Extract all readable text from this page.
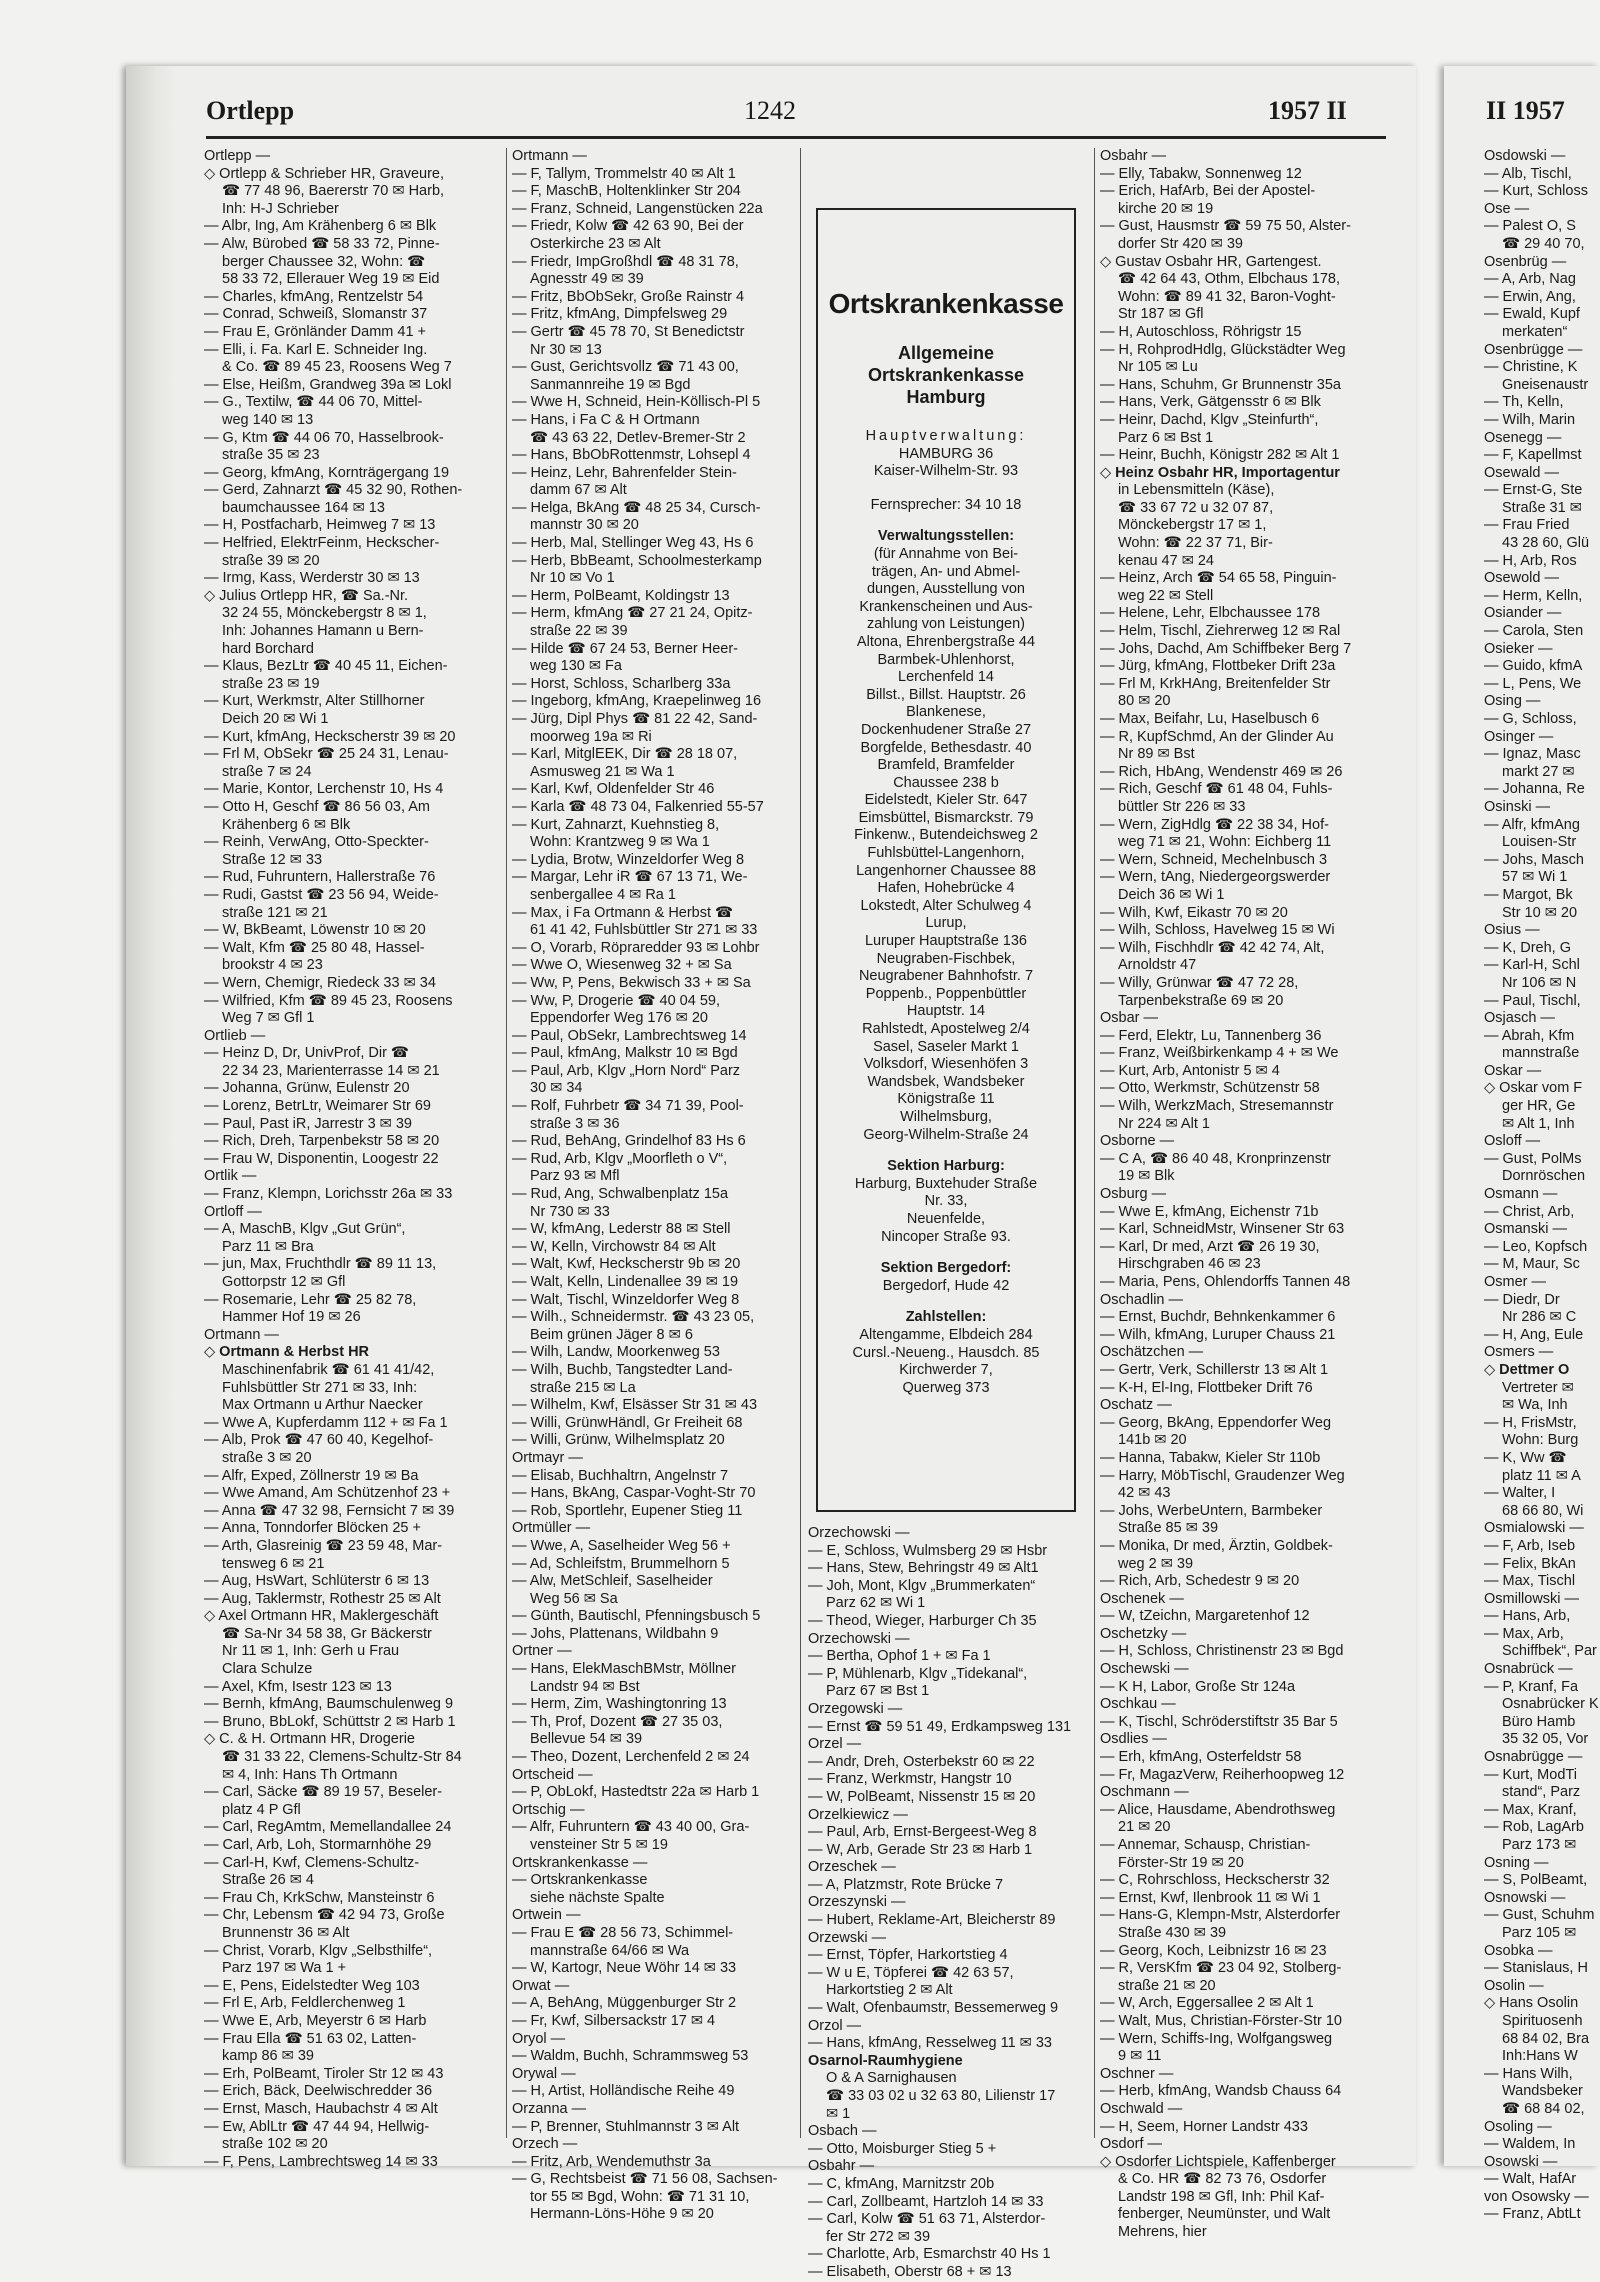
Ortlepp	1242	1957 II	II 1957
Ortlepp —
◇ Ortlepp & Schrieber HR, Graveure,
☎ 77 48 96, Baererstr 70 ✉ Harb,
Inh: H-J Schrieber
— Albr, Ing, Am Krähenberg 6 ✉ Blk
— Alw, Bürobed ☎ 58 33 72, Pinne-
berger Chaussee 32, Wohn: ☎
58 33 72, Ellerauer Weg 19 ✉ Eid
— Charles, kfmAng, Rentzelstr 54
— Conrad, Schweiß, Slomanstr 37
— Frau E, Grönländer Damm 41 +
— Elli, i. Fa. Karl E. Schneider Ing.
& Co. ☎ 89 45 23, Roosens Weg 7
— Else, Heißm, Grandweg 39a ✉ Lokl
— G., Textilw, ☎ 44 06 70, Mittel-
weg 140 ✉ 13
— G, Ktm ☎ 44 06 70, Hasselbrook-
straße 35 ✉ 23
— Georg, kfmAng, Kornträgergang 19
— Gerd, Zahnarzt ☎ 45 32 90, Rothen-
baumchaussee 164 ✉ 13
— H, Postfacharb, Heimweg 7 ✉ 13
— Helfried, ElektrFeinm, Hecksсher-
straße 39 ✉ 20
— Irmg, Kass, Werderstr 30 ✉ 13
◇ Julius Ortlepp HR, ☎ Sa.-Nr.
32 24 55, Mönckebergstr 8 ✉ 1,
Inh: Johannes Hamann u Bern-
hard Borchard
— Klaus, BezLtr ☎ 40 45 11, Eichen-
straße 23 ✉ 19
— Kurt, Werkmstr, Alter Stillhorner
Deich 20 ✉ Wi 1
— Kurt, kfmAng, Heckscherstr 39 ✉ 20
— Frl M, ObSekr ☎ 25 24 31, Lenau-
straße 7 ✉ 24
— Marie, Kontor, Lerchenstr 10, Hs 4
— Otto H, Geschf ☎ 86 56 03, Am
Krähenberg 6 ✉ Blk
— Reinh, VerwAng, Otto-Speckter-
Straße 12 ✉ 33
— Rud, Fuhruntern, Hallerstraße 76
— Rudi, Gastst ☎ 23 56 94, Weide-
straße 121 ✉ 21
— W, BkBeamt, Löwenstr 10 ✉ 20
— Walt, Kfm ☎ 25 80 48, Hassel-
brookstr 4 ✉ 23
— Wern, Chemigr, Riedeck 33 ✉ 34
— Wilfried, Kfm ☎ 89 45 23, Roosens
Weg 7 ✉ Gfl 1
Ortlieb —
— Heinz D, Dr, UnivProf, Dir ☎
22 34 23, Marienterrasse 14 ✉ 21
— Johanna, Grünw, Eulenstr 20
— Lorenz, BetrLtr, Weimarer Str 69
— Paul, Past iR, Jarrestr 3 ✉ 39
— Rich, Dreh, Tarpenbekstr 58 ✉ 20
— Frau W, Disponentin, Loogestr 22
Ortlik —
— Franz, Klempn, Lorichsstr 26a ✉ 33
Ortloff —
— A, MaschB, Klgv „Gut Grün“,
Parz 11 ✉ Bra
— jun, Max, Fruchthdlr ☎ 89 11 13,
Gottorpstr 12 ✉ Gfl
— Rosemarie, Lehr ☎ 25 82 78,
Hammer Hof 19 ✉ 26
Ortmann —
◇ Ortmann & Herbst HR
Maschinenfabrik ☎ 61 41 41/42,
Fuhlsbüttler Str 271 ✉ 33, Inh:
Max Ortmann u Arthur Naecker
— Wwe A, Kupferdamm 112 + ✉ Fa 1
— Alb, Prok ☎ 47 60 40, Kegelhof-
straße 3 ✉ 20
— Alfr, Exped, Zöllnerstr 19 ✉ Ba
— Wwe Amand, Am Schützenhof 23 +
— Anna ☎ 47 32 98, Fernsicht 7 ✉ 39
— Anna, Tonndorfer Blöcken 25 +
— Arth, Glasreinig ☎ 23 59 48, Mar-
tensweg 6 ✉ 21
— Aug, HsWart, Schlüterstr 6 ✉ 13
— Aug, Taklermstr, Rothestr 25 ✉ Alt
◇ Axel Ortmann HR, Maklergeschäft
☎ Sa-Nr 34 58 38, Gr Bäckerstr
Nr 11 ✉ 1, Inh: Gerh u Frau
Clara Schulze
— Axel, Kfm, Isestr 123 ✉ 13
— Bernh, kfmAng, Baumschulenweg 9
— Bruno, BbLokf, Schüttstr 2 ✉ Harb 1
◇ C. & H. Ortmann HR, Drogerie
☎ 31 33 22, Clemens-Schultz-Str 84
✉ 4, Inh: Hans Th Ortmann
— Carl, Säcke ☎ 89 19 57, Beseler-
platz 4 P Gfl
— Carl, RegAmtm, Memellandallee 24
— Carl, Arb, Loh, Stormarnhöhe 29
— Carl-H, Kwf, Clemens-Schultz-
Straße 26 ✉ 4
— Frau Ch, KrkSchw, Mansteinstr 6
— Chr, Lebensm ☎ 42 94 73, Große
Brunnenstr 36 ✉ Alt
— Christ, Vorarb, Klgv „Selbsthilfe“,
Parz 197 ✉ Wa 1 +
— E, Pens, Eidelstedter Weg 103
— Frl E, Arb, Feldlerchenweg 1
— Wwe E, Arb, Meyerstr 6 ✉ Harb
— Frau Ella ☎ 51 63 02, Latten-
kamp 86 ✉ 39
— Erh, PolBeamt, Tiroler Str 12 ✉ 43
— Erich, Bäck, Deelwischredder 36
— Ernst, Masch, Haubachstr 4 ✉ Alt
— Ew, AblLtr ☎ 47 44 94, Hellwig-
straße 102 ✉ 20
— F, Pens, Lambrechtsweg 14 ✉ 33
Ortmann —
— F, Tallym, Trommelstr 40 ✉ Alt 1
— F, MaschB, Holtenklinker Str 204
— Franz, Schneid, Langenstücken 22a
— Friedr, Kolw ☎ 42 63 90, Bei der
Osterkirche 23 ✉ Alt
— Friedr, ImpGroßhdl ☎ 48 31 78,
Agnesstr 49 ✉ 39
— Fritz, BbObSekr, Große Rainstr 4
— Fritz, kfmAng, Dimpfelsweg 29
— Gertr ☎ 45 78 70, St Benedictstr
Nr 30 ✉ 13
— Gust, Gerichtsvollz ☎ 71 43 00,
Sanmannreihe 19 ✉ Bgd
— Wwe H, Schneid, Hein-Köllisch-Pl 5
— Hans, i Fa C & H Ortmann
☎ 43 63 22, Detlev-Bremer-Str 2
— Hans, BbObRottenmstr, Lohsepl 4
— Heinz, Lehr, Bahrenfelder Stein-
damm 67 ✉ Alt
— Helga, BkAng ☎ 48 25 34, Cursch-
mannstr 30 ✉ 20
— Herb, Mal, Stellinger Weg 43, Hs 6
— Herb, BbBeamt, Schoolmesterkamp
Nr 10 ✉ Vo 1
— Herm, PolBeamt, Koldingstr 13
— Herm, kfmAng ☎ 27 21 24, Opitz-
straße 22 ✉ 39
— Hilde ☎ 67 24 53, Berner Heer-
weg 130 ✉ Fa
— Horst, Schloss, Scharlberg 33a
— Ingeborg, kfmAng, Kraepelinweg 16
— Jürg, Dipl Phys ☎ 81 22 42, Sand-
moorweg 19a ✉ Ri
— Karl, MitglEEK, Dir ☎ 28 18 07,
Asmusweg 21 ✉ Wa 1
— Karl, Kwf, Oldenfelder Str 46
— Karla ☎ 48 73 04, Falkenried 55-57
— Kurt, Zahnarzt, Kuehnstieg 8,
Wohn: Krantzweg 9 ✉ Wa 1
— Lydia, Brotw, Winzeldorfer Weg 8
— Margar, Lehr iR ☎ 67 13 71, We-
senbergallee 4 ✉ Ra 1
— Max, i Fa Ortmann & Herbst ☎
61 41 42, Fuhlsbüttler Str 271 ✉ 33
— O, Vorarb, Röpraredder 93 ✉ Lohbr
— Wwe O, Wiesenweg 32 + ✉ Sa
— Ww, P, Pens, Bekwisch 33 + ✉ Sa
— Ww, P, Drogerie ☎ 40 04 59,
Eppendorfer Weg 176 ✉ 20
— Paul, ObSekr, Lambrechtsweg 14
— Paul, kfmAng, Malkstr 10 ✉ Bgd
— Paul, Arb, Klgv „Horn Nord“ Parz
30 ✉ 34
— Rolf, Fuhrbetr ☎ 34 71 39, Pool-
straße 3 ✉ 36
— Rud, BehAng, Grindelhof 83 Hs 6
— Rud, Arb, Klgv „Moorfleth o V“,
Parz 93 ✉ Mfl
— Rud, Ang, Schwalbenplatz 15a
Nr 730 ✉ 33
— W, kfmAng, Lederstr 88 ✉ Stell
— W, Kelln, Virchowstr 84 ✉ Alt
— Walt, Kwf, Heckscherstr 9b ✉ 20
— Walt, Kelln, Lindenallee 39 ✉ 19
— Walt, Tischl, Winzeldorfer Weg 8
— Wilh., Schneidermstr. ☎ 43 23 05,
Beim grünen Jäger 8 ✉ 6
— Wilh, Landw, Moorkenweg 53
— Wilh, Buchb, Tangstedter Land-
straße 215 ✉ La
— Wilhelm, Kwf, Elsässer Str 31 ✉ 43
— Willi, GrünwHändl, Gr Freiheit 68
— Willi, Grünw, Wilhelmsplatz 20
Ortmayr —
— Elisab, Buchhaltrn, Angelnstr 7
— Hans, BkAng, Caspar-Voght-Str 70
— Rob, Sportlehr, Eupener Stieg 11
Ortmüller —
— Wwe, A, Saselheider Weg 56 +
— Ad, Schleifstm, Brummelhorn 5
— Alw, MetSchleif, Saselheider
Weg 56 ✉ Sa
— Günth, Bautischl, Pfenningsbusch 5
— Johs, Plattenans, Wildbahn 9
Ortner —
— Hans, ElekMaschBMstr, Möllner
Landstr 94 ✉ Bst
— Herm, Zim, Washingtonring 13
— Th, Prof, Dozent ☎ 27 35 03,
Bellevue 54 ✉ 39
— Theo, Dozent, Lerchenfeld 2 ✉ 24
Ortscheid —
— P, ObLokf, Hastedtstr 22a ✉ Harb 1
Ortschig —
— Alfr, Fuhruntern ☎ 43 40 00, Gra-
vensteiner Str 5 ✉ 19
Ortskrankenkasse —
— Ortskrankenkasse
siehe nächste Spalte
Ortwein —
— Frau E ☎ 28 56 73, Schimmel-
mannstraße 64/66 ✉ Wa
— W, Kartogr, Neue Wöhr 14 ✉ 33
Orwat —
— A, BehAng, Müggenburger Str 2
— Fr, Kwf, Silbersackstr 17 ✉ 4
Oryol —
— Waldm, Buchh, Schrammsweg 53
Orywal —
— H, Artist, Holländische Reihe 49
Orzanna —
— P, Brenner, Stuhlmannstr 3 ✉ Alt
Orzech —
— Fritz, Arb, Wendemuthstr 3a
— G, Rechtsbeist ☎ 71 56 08, Sachsen-
tor 55 ✉ Bgd, Wohn: ☎ 71 31 10,
Hermann-Löns-Höhe 9 ✉ 20
Orzechowski —
— E, Schloss, Wulmsberg 29 ✉ Hsbr
— Hans, Stew, Behringstr 49 ✉ Alt1
— Joh, Mont, Klgv „Brummerkaten“
Parz 62 ✉ Wi 1
— Theod, Wieger, Harburger Ch 35
Orzechowski —
— Bertha, Ophof 1 + ✉ Fa 1
— P, Mühlenarb, Klgv „Tidekanal“,
Parz 67 ✉ Bst 1
Orzegowski —
— Ernst ☎ 59 51 49, Erdkampsweg 131
Orzel —
— Andr, Dreh, Osterbekstr 60 ✉ 22
— Franz, Werkmstr, Hangstr 10
— W, PolBeamt, Nissenstr 15 ✉ 20
Orzelkiewicz —
— Paul, Arb, Ernst-Bergeest-Weg 8
— W, Arb, Gerade Str 23 ✉ Harb 1
Orzeschek —
— A, Platzmstr, Rote Brücke 7
Orzeszynski —
— Hubert, Reklame-Art, Bleicherstr 89
Orzewski —
— Ernst, Töpfer, Harkortstieg 4
— W u E, Töpferei ☎ 42 63 57,
Harkortstieg 2 ✉ Alt
— Walt, Ofenbaumstr, Bessemerweg 9
Orzol —
— Hans, kfmAng, Resselweg 11 ✉ 33
Osarnol-Raumhygiene
O & A Sarnighausen
☎ 33 03 02 u 32 63 80, Lilienstr 17
✉ 1
Osbach —
— Otto, Moisburger Stieg 5 +
Osbahr —
— C, kfmAng, Marnitzstr 20b
— Carl, Zollbeamt, Hartzloh 14 ✉ 33
— Carl, Kolw ☎ 51 63 71, Alsterdor-
fer Str 272 ✉ 39
— Charlotte, Arb, Esmarchstr 40 Hs 1
— Elisabeth, Oberstr 68 + ✉ 13
Osbahr —
— Elly, Tabakw, Sonnenweg 12
— Erich, HafArb, Bei der Apostel-
kirche 20 ✉ 19
— Gust, Hausmstr ☎ 59 75 50, Alster-
dorfer Str 420 ✉ 39
◇ Gustav Osbahr HR, Gartengest.
☎ 42 64 43, Othm, Elbchaus 178,
Wohn: ☎ 89 41 32, Baron-Voght-
Str 187 ✉ Gfl
— H, Autoschloss, Röhrigstr 15
— H, RohprodHdlg, Glückstädter Weg
Nr 105 ✉ Lu
— Hans, Schuhm, Gr Brunnenstr 35a
— Hans, Verk, Gätgensstr 6 ✉ Blk
— Heinr, Dachd, Klgv „Steinfurth“,
Parz 6 ✉ Bst 1
— Heinr, Buchh, Königstr 282 ✉ Alt 1
◇ Heinz Osbahr HR, Importagentur
in Lebensmitteln (Käse),
☎ 33 67 72 u 32 07 87,
Mönckebergstr 17 ✉ 1,
Wohn: ☎ 22 37 71, Bir-
kenau 47 ✉ 24
— Heinz, Arch ☎ 54 65 58, Pinguin-
weg 22 ✉ Stell
— Helene, Lehr, Elbchaussee 178
— Helm, Tischl, Ziehrerweg 12 ✉ Ral
— Johs, Dachd, Am Schiffbeker Berg 7
— Jürg, kfmAng, Flottbeker Drift 23a
— Frl M, KrkHAng, Breitenfelder Str
80 ✉ 20
— Max, Beifahr, Lu, Haselbusch 6
— R, KupfSchmd, An der Glinder Au
Nr 89 ✉ Bst
— Rich, HbAng, Wendenstr 469 ✉ 26
— Rich, Geschf ☎ 61 48 04, Fuhls-
büttler Str 226 ✉ 33
— Wern, ZigHdlg ☎ 22 38 34, Hof-
weg 71 ✉ 21, Wohn: Eichberg 11
— Wern, Schneid, Mechelnbusch 3
— Wern, tAng, Niedergeorgswerder
Deich 36 ✉ Wi 1
— Wilh, Kwf, Eikastr 70 ✉ 20
— Wilh, Schloss, Havelweg 15 ✉ Wi
— Wilh, Fischhdlr ☎ 42 42 74, Alt,
Arnoldstr 47
— Willy, Grünwar ☎ 47 72 28,
Tarpenbekstraße 69 ✉ 20
Osbar —
— Ferd, Elektr, Lu, Tannenberg 36
— Franz, Weißbirkenkamp 4 + ✉ We
— Kurt, Arb, Antonistr 5 ✉ 4
— Otto, Werkmstr, Schützenstr 58
— Wilh, WerkzMach, Stresemannstr
Nr 224 ✉ Alt 1
Osborne —
— C A, ☎ 86 40 48, Kronprinzenstr
19 ✉ Blk
Osburg —
— Wwe E, kfmAng, Eichenstr 71b
— Karl, SchneidMstr, Winsener Str 63
— Karl, Dr med, Arzt ☎ 26 19 30,
Hirschgraben 46 ✉ 23
— Maria, Pens, Ohlendorffs Tannen 48
Oschadlin —
— Ernst, Buchdr, Behnkenkammer 6
— Wilh, kfmAng, Luruper Chauss 21
Oschätzchen —
— Gertr, Verk, Schillerstr 13 ✉ Alt 1
— K-H, El-Ing, Flottbeker Drift 76
Oschatz —
— Georg, BkAng, Eppendorfer Weg
141b ✉ 20
— Hanna, Tabakw, Kieler Str 110b
— Harry, MöbTischl, Graudenzer Weg
42 ✉ 43
— Johs, WerbeUntern, Barmbeker
Straße 85 ✉ 39
— Monika, Dr med, Ärztin, Goldbek-
weg 2 ✉ 39
— Rich, Arb, Schedestr 9 ✉ 20
Oschenek —
— W, tZeichn, Margaretenhof 12
Oschetzky —
— H, Schloss, Christinenstr 23 ✉ Bgd
Oschewski —
— K H, Labor, Große Str 124a
Oschkau —
— K, Tischl, Schröderstiftstr 35 Bar 5
Osdlies —
— Erh, kfmAng, Osterfeldstr 58
— Fr, MagazVerw, Reiherhoopweg 12
Oschmann —
— Alice, Hausdame, Abendrothsweg
21 ✉ 20
— Annemar, Schausp, Christian-
Förster-Str 19 ✉ 20
— C, Rohrschloss, Heckscherstr 32
— Ernst, Kwf, Ilenbrook 11 ✉ Wi 1
— Hans-G, Klempn-Mstr, Alsterdorfer
Straße 430 ✉ 39
— Georg, Koch, Leibnizstr 16 ✉ 23
— R, VersKfm ☎ 23 04 92, Stolberg-
straße 21 ✉ 20
— W, Arch, Eggersallee 2 ✉ Alt 1
— Walt, Mus, Christian-Förster-Str 10
— Wern, Schiffs-Ing, Wolfgangsweg
9 ✉ 11
Oschner —
— Herb, kfmAng, Wandsb Chauss 64
Oschwald —
— H, Seem, Horner Landstr 433
Osdorf —
◇ Osdorfer Lichtspiele, Kaffenberger
& Co. HR ☎ 82 73 76, Osdorfer
Landstr 198 ✉ Gfl, Inh: Phil Kaf-
fenberger, Neumünster, und Walt
Mehrens, hier
Osdowski —
— Alb, Tischl,
— Kurt, Schloss
Ose —
— Palest O, S
☎ 29 40 70,
Osenbrüg —
— A, Arb, Nag
— Erwin, Ang,
— Ewald, Kupf
merkaten“
Osenbrügge —
— Christine, K
Gneisenaustr
— Th, Kelln,
— Wilh, Marin
Osenegg —
— F, Kapellmst
Osewald —
— Ernst-G, Ste
Straße 31 ✉
— Frau Fried
43 28 60, Glü
— H, Arb, Ros
Osewold —
— Herm, Kelln,
Osiander —
— Carola, Sten
Osieker —
— Guido, kfmA
— L, Pens, We
Osing —
— G, Schloss,
Osinger —
— Ignaz, Masc
markt 27 ✉
— Johanna, Re
Osinski —
— Alfr, kfmAng
Louisen-Str
— Johs, Masch
57 ✉ Wi 1
— Margot, Bk
Str 10 ✉ 20
Osius —
— K, Dreh, G
— Karl-H, Schl
Nr 106 ✉ N
— Paul, Tischl,
Osjasch —
— Abrah, Kfm
mannstraße
Oskar —
◇ Oskar vom F
ger HR, Ge
✉ Alt 1, Inh
Osloff —
— Gust, PolMs
Dornröschen
Osmann —
— Christ, Arb,
Osmanski —
— Leo, Kopfsch
— M, Maur, Sc
Osmer —
— Diedr, Dr
Nr 286 ✉ C
— H, Ang, Eule
Osmers —
◇ Dettmer O
Vertreter ✉
✉ Wa, Inh
— H, FrisMstr,
Wohn: Burg
— K, Ww ☎
platz 11 ✉ A
— Walter, I
68 66 80, Wi
Osmialowski —
— F, Arb, Iseb
— Felix, BkAn
— Max, Tischl
Osmillowski —
— Hans, Arb,
— Max, Arb,
Schiffbek“, Par
Osnabrück —
— P, Kranf, Fa
Osnabrücker K
Büro Hamb
35 32 05, Vor
Osnabrügge —
— Kurt, ModTi
stand“, Parz
— Max, Kranf,
— Rob, LagArb
Parz 173 ✉
Osning —
— S, PolBeamt,
Osnowski —
— Gust, Schuhm
Parz 105 ✉
Osobka —
— Stanislaus, H
Osolin —
◇ Hans Osolin
Spirituosenh
68 84 02, Bra
Inh:Hans W
— Hans Wilh,
Wandsbeker
☎ 68 84 02,
Osoling —
— Waldem, In
Osowski —
— Walt, HafAr
von Osowsky —
— Franz, AbtLt
Ortskrankenkasse
Allgemeine
Ortskrankenkasse
Hamburg
Hauptverwaltung:
HAMBURG 36
Kaiser-Wilhelm-Str. 93
Fernsprecher: 34 10 18
Verwaltungsstellen:
(für Annahme von Bei-
trägen, An- und Abmel-
dungen, Ausstellung von
Krankenscheinen und Aus-
zahlung von Leistungen)
Altona, Ehrenbergstraße 44
Barmbek-Uhlenhorst,
Lerchenfeld 14
Billst., Billst. Hauptstr. 26
Blankenese,
Dockenhudener Straße 27
Borgfelde, Bethesdastr. 40
Bramfeld, Bramfelder
Chaussee 238 b
Eidelstedt, Kieler Str. 647
Eimsbüttel, Bismarckstr. 79
Finkenw., Butendeichsweg 2
Fuhlsbüttel-Langenhorn,
Langenhorner Chaussee 88
Hafen, Hohebrücke 4
Lokstedt, Alter Schulweg 4
Lurup,
Luruper Hauptstraße 136
Neugraben-Fischbek,
Neugrabener Bahnhofstr. 7
Poppenb., Poppenbüttler
Hauptstr. 14
Rahlstedt, Apostelweg 2/4
Sasel, Saseler Markt 1
Volksdorf, Wiesenhöfen 3
Wandsbek, Wandsbeker
Königstraße 11
Wilhelmsburg,
Georg-Wilhelm-Straße 24
Sektion Harburg:
Harburg, Buxtehuder Straße
Nr. 33,
Neuenfelde,
Nincoper Straße 93.
Sektion Bergedorf:
Bergedorf, Hude 42
Zahlstellen:
Altengamme, Elbdeich 284
Cursl.-Neueng., Hausdch. 85
Kirchwerder 7,
Querweg 373
